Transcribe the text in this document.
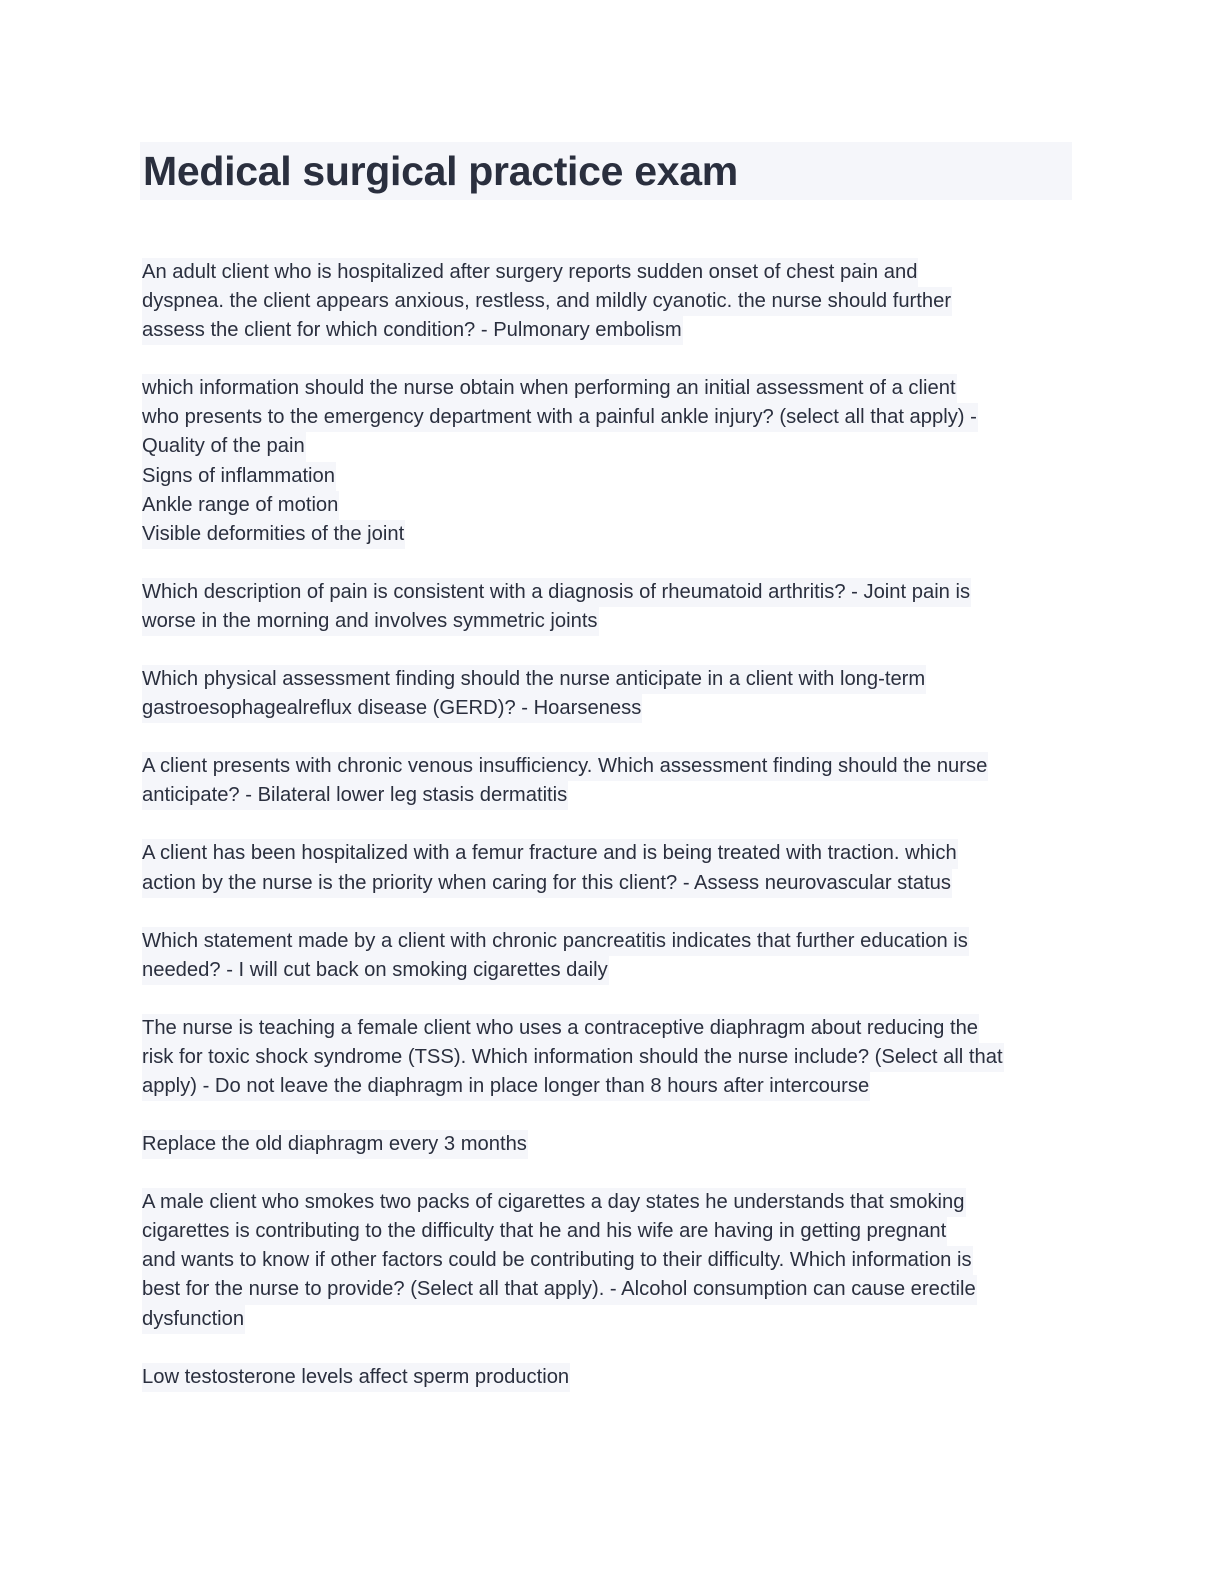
Medical surgical practice exam
An adult client who is hospitalized after surgery reports sudden onset of chest pain and
dyspnea. the client appears anxious, restless, and mildly cyanotic. the nurse should further
assess the client for which condition? - Pulmonary embolism
which information should the nurse obtain when performing an initial assessment of a client
who presents to the emergency department with a painful ankle injury? (select all that apply) -
Quality of the pain
Signs of inflammation
Ankle range of motion
Visible deformities of the joint
Which description of pain is consistent with a diagnosis of rheumatoid arthritis? - Joint pain is
worse in the morning and involves symmetric joints
Which physical assessment finding should the nurse anticipate in a client with long-term
gastroesophagealreflux disease (GERD)? - Hoarseness
A client presents with chronic venous insufficiency. Which assessment finding should the nurse
anticipate? - Bilateral lower leg stasis dermatitis
A client has been hospitalized with a femur fracture and is being treated with traction. which
action by the nurse is the priority when caring for this client? - Assess neurovascular status
Which statement made by a client with chronic pancreatitis indicates that further education is
needed? - I will cut back on smoking cigarettes daily
The nurse is teaching a female client who uses a contraceptive diaphragm about reducing the
risk for toxic shock syndrome (TSS). Which information should the nurse include? (Select all that
apply) - Do not leave the diaphragm in place longer than 8 hours after intercourse
Replace the old diaphragm every 3 months
A male client who smokes two packs of cigarettes a day states he understands that smoking
cigarettes is contributing to the difficulty that he and his wife are having in getting pregnant
and wants to know if other factors could be contributing to their difficulty. Which information is
best for the nurse to provide? (Select all that apply). - Alcohol consumption can cause erectile
dysfunction
Low testosterone levels affect sperm production
